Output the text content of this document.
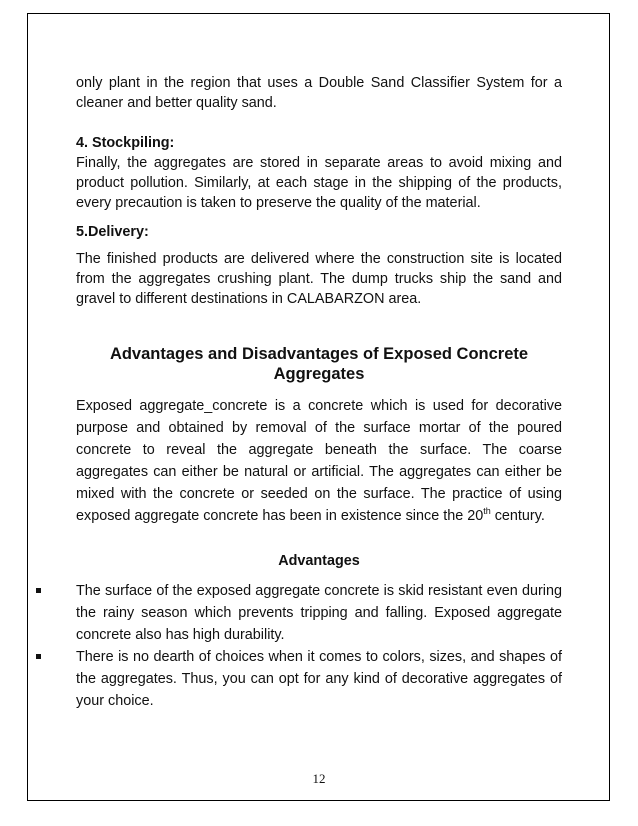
only plant in the region that uses a Double Sand Classifier System for a cleaner and better quality sand.

4. Stockpiling:

Finally, the aggregates are stored in separate areas to avoid mixing and product pollution. Similarly, at each stage in the shipping of the products, every precaution is taken to preserve the quality of the material.

5.Delivery:

The finished products are delivered where the construction site is located from the aggregates crushing plant. The dump trucks ship the sand and gravel to different destinations in CALABARZON area.

Advantages and Disadvantages of Exposed Concrete Aggregates

Exposed aggregate_concrete is a concrete which is used for decorative purpose and obtained by removal of the surface mortar of the poured concrete to reveal the aggregate beneath the surface. The coarse aggregates can either be natural or artificial. The aggregates can either be mixed with the concrete or seeded on the surface. The practice of using exposed aggregate concrete has been in existence since the 20th century.

Advantages

The surface of the exposed aggregate concrete is skid resistant even during the rainy season which prevents tripping and falling. Exposed aggregate concrete also has high durability.
There is no dearth of choices when it comes to colors, sizes, and shapes of the aggregates. Thus, you can opt for any kind of decorative aggregates of your choice.
12
